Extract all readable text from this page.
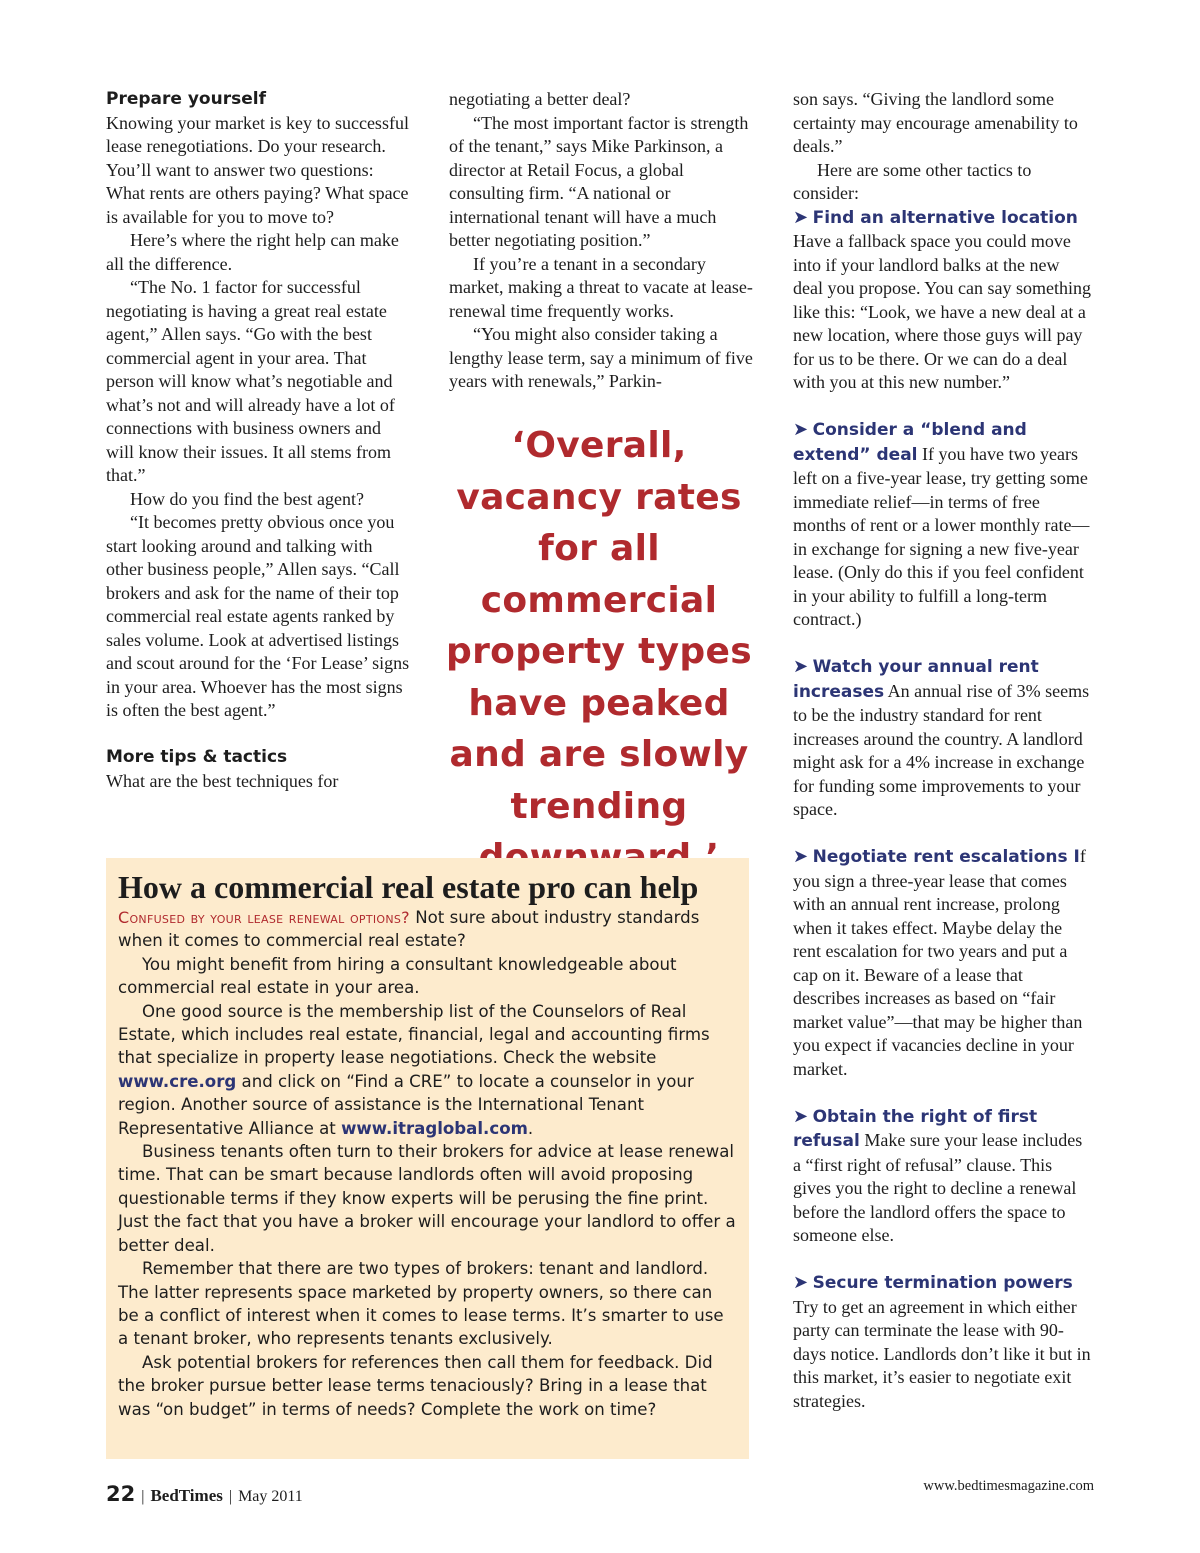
Prepare yourself

Knowing your market is key to successful lease renegotiations. Do your research. You’ll want to answer two questions: What rents are others paying? What space is available for you to move to?

Here’s where the right help can make all the difference.

“The No. 1 factor for successful negotiating is having a great real estate agent,” Allen says. “Go with the best commercial agent in your area. That person will know what’s negotiable and what’s not and will already have a lot of connections with business owners and will know their issues. It all stems from that.”

How do you find the best agent?

“It becomes pretty obvious once you start looking around and talking with other business people,” Allen says. “Call brokers and ask for the name of their top commercial real estate agents ranked by sales volume. Look at advertised listings and scout around for the ‘For Lease’ signs in your area. Whoever has the most signs is often the best agent.”

More tips & tactics

What are the best techniques for

negotiating a better deal?

“The most important factor is strength of the tenant,” says Mike Parkinson, a director at Retail Focus, a global consulting firm. “A national or international tenant will have a much better negotiating position.”

If you’re a tenant in a secondary market, making a threat to vacate at lease-renewal time frequently works.

“You might also consider taking a lengthy lease term, say a minimum of five years with renewals,” Parkin-

‘Overall, vacancy rates for all commercial property types have peaked and are slowly trending

son says. “Giving the landlord some certainty may encourage amenability to deals.”

Here are some other tactics to consider:

➤ Find an alternative location Have a fallback space you could move into if your landlord balks at the new deal you propose. You can say something like this: “Look, we have a new deal at a new location, where those guys will pay for us to be there. Or we can do a deal with you at this new number.”

➤ Consider a “blend and extend” deal If you have two years left on a five-year lease, try getting some immediate relief—in terms of free months of rent or a lower monthly rate—in exchange for signing a new five-year lease. (Only do this if you feel confident in your ability to fulfill a long-term contract.)

➤ Watch your annual rent increases An annual rise of 3% seems to be the industry standard for rent increases around the country. A landlord might ask for a 4% increase in exchange for funding some improvements to your space.

➤ Negotiate rent escalations If you sign a three-year lease that comes with an annual rent increase, prolong when it takes effect. Maybe delay the rent escalation for two years and put a cap on it. Beware of a lease that describes increases as based on “fair market value”—that may be higher than you expect if vacancies decline in your market.

➤ Obtain the right of first refusal Make sure your lease includes a “first right of refusal” clause. This gives you the right to decline a renewal before the landlord offers the space to someone else.

➤ Secure termination powers Try to get an agreement in which either party can terminate the lease with 90-days notice. Landlords don’t like it but in this market, it’s easier to negotiate exit strategies.

How a commercial real estate pro can help

Confused by your lease renewal options? Not sure about industry standards when it comes to commercial real estate?

You might benefit from hiring a consultant knowledgeable about commercial real estate in your area.

One good source is the membership list of the Counselors of Real Estate, which includes real estate, financial, legal and accounting firms that specialize in property lease negotiations. Check the website www.cre.org and click on “Find a CRE” to locate a counselor in your region. Another source of assistance is the International Tenant Representative Alliance at www.itraglobal.com.

Business tenants often turn to their brokers for advice at lease renewal time. That can be smart because landlords often will avoid proposing questionable terms if they know experts will be perusing the fine print. Just the fact that you have a broker will encourage your landlord to offer a better deal.

Remember that there are two types of brokers: tenant and landlord. The latter represents space marketed by property owners, so there can be a conflict of interest when it comes to lease terms. It’s smarter to use a tenant broker, who represents tenants exclusively.

Ask potential brokers for references then call them for feedback. Did the broker pursue better lease terms tenaciously? Bring in a lease that was “on budget” in terms of needs? Complete the work on time?

22 | BedTimes | May 2011
www.bedtimesmagazine.com
